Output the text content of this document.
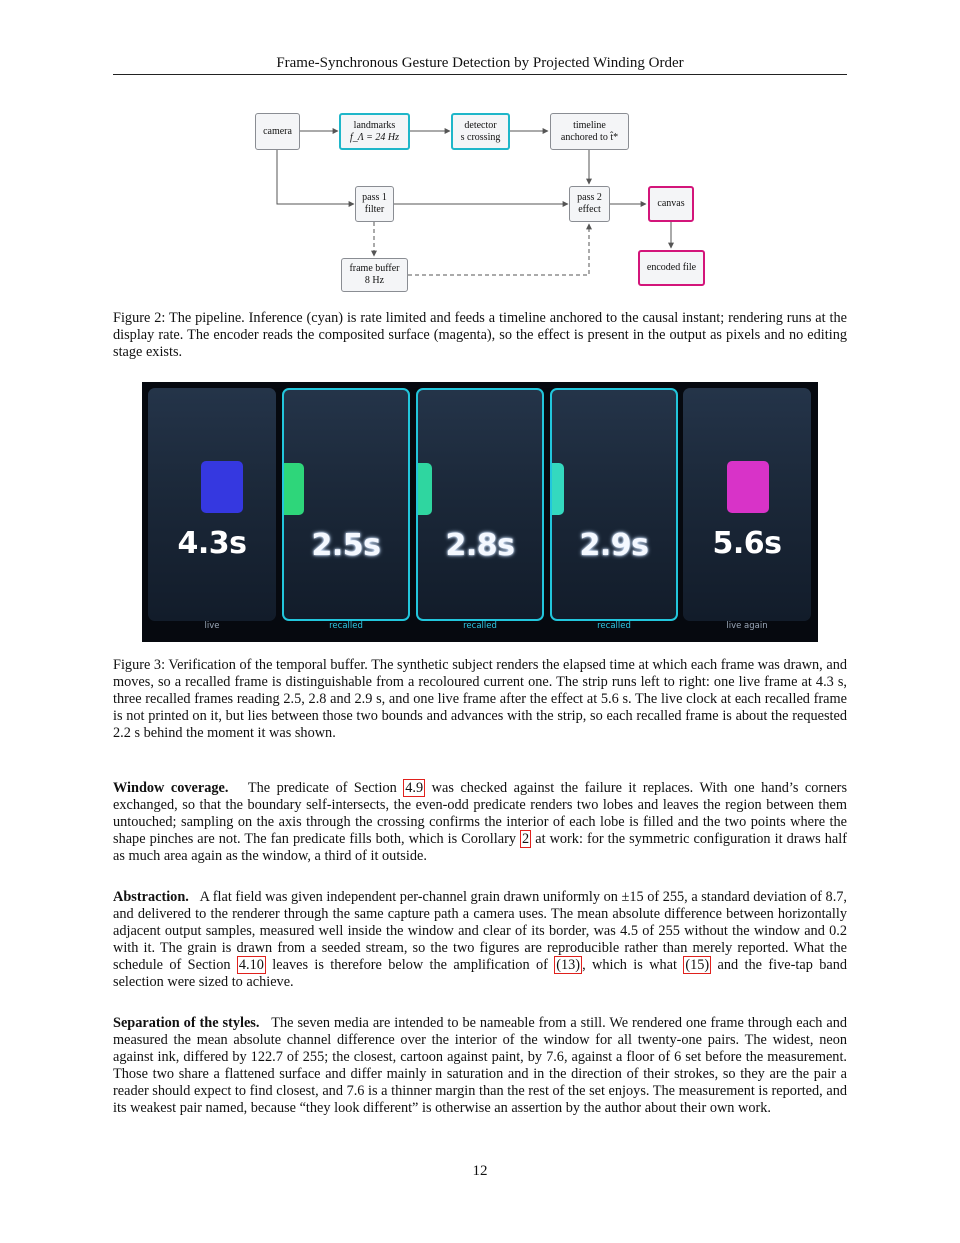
Frame-Synchronous Gesture Detection by Projected Winding Order
camera
landmarks
f_Λ = 24 Hz
detector
s crossing
timeline
anchored to t̂*
pass 1
filter
pass 2
effect
canvas
frame buffer
8 Hz
encoded file
Figure 2: The pipeline. Inference (cyan) is rate limited and feeds a timeline anchored to the causal instant; rendering runs at the display rate. The encoder reads the composited surface (magenta), so the effect is present in the output as pixels and no editing stage exists.
4.3s
live
2.5s
recalled
2.8s
recalled
2.9s
recalled
5.6s
live again
Figure 3: Verification of the temporal buffer. The synthetic subject renders the elapsed time at which each frame was drawn, and moves, so a recalled frame is distinguishable from a recoloured current one. The strip runs left to right: one live frame at 4.3 s, three recalled frames reading 2.5, 2.8 and 2.9 s, and one live frame after the effect at 5.6 s. The live clock at each recalled frame is not printed on it, but lies between those two bounds and advances with the strip, so each recalled frame is about the requested 2.2 s behind the moment it was shown.
Window coverage. The predicate of Section 4.9 was checked against the failure it replaces. With one hand’s corners exchanged, so that the boundary self-intersects, the even-odd predicate renders two lobes and leaves the region between them untouched; sampling on the axis through the crossing confirms the interior of each lobe is filled and the two points where the shape pinches are not. The fan predicate fills both, which is Corollary 2 at work: for the symmetric configuration it draws half as much area again as the window, a third of it outside.
Abstraction. A flat field was given independent per-channel grain drawn uniformly on ±15 of 255, a standard deviation of 8.7, and delivered to the renderer through the same capture path a camera uses. The mean absolute difference between horizontally adjacent output samples, measured well inside the window and clear of its border, was 4.5 of 255 without the window and 0.2 with it. The grain is drawn from a seeded stream, so the two figures are reproducible rather than merely reported. What the schedule of Section 4.10 leaves is therefore below the amplification of (13) , which is what (15) and the five-tap band selection were sized to achieve.
Separation of the styles. The seven media are intended to be nameable from a still. We rendered one frame through each and measured the mean absolute channel difference over the interior of the window for all twenty-one pairs. The widest, neon against ink, differed by 122.7 of 255; the closest, cartoon against paint, by 7.6, against a floor of 6 set before the measurement. Those two share a flattened surface and differ mainly in saturation and in the direction of their strokes, so they are the pair a reader should expect to find closest, and 7.6 is a thinner margin than the rest of the set enjoys. The measurement is reported, and its weakest pair named, because “they look different” is otherwise an assertion by the author about their own work.
12
